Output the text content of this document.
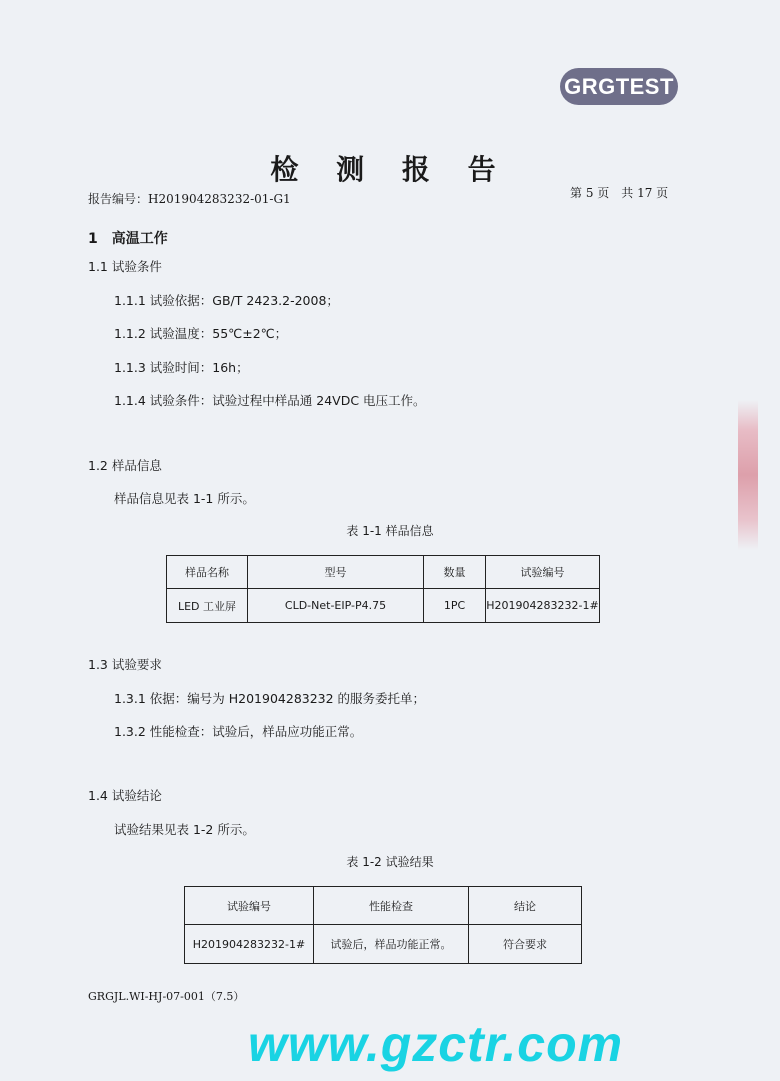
GRGTEST
检 测 报 告
报告编号：H201904283232-01-G1	第 5 页　共 17 页
1　高温工作
1.1 试验条件
1.1.1 试验依据：GB/T 2423.2-2008；
1.1.2 试验温度：55℃±2℃；
1.1.3 试验时间：16h；
1.1.4 试验条件：试验过程中样品通 24VDC 电压工作。
1.2 样品信息
样品信息见表 1-1 所示。
表 1-1 样品信息
样品名称	型号	数量	试验编号
LED 工业屏	CLD-Net-EIP-P4.75	1PC	H201904283232-1#
1.3 试验要求
1.3.1 依据：编号为 H201904283232 的服务委托单；
1.3.2 性能检查：试验后，样品应功能正常。
1.4 试验结论
试验结果见表 1-2 所示。
表 1-2 试验结果
试验编号	性能检查	结论
H201904283232-1#	试验后，样品功能正常。	符合要求
GRGJL.WI-HJ-07-001（7.5）
www.gzctr.com
